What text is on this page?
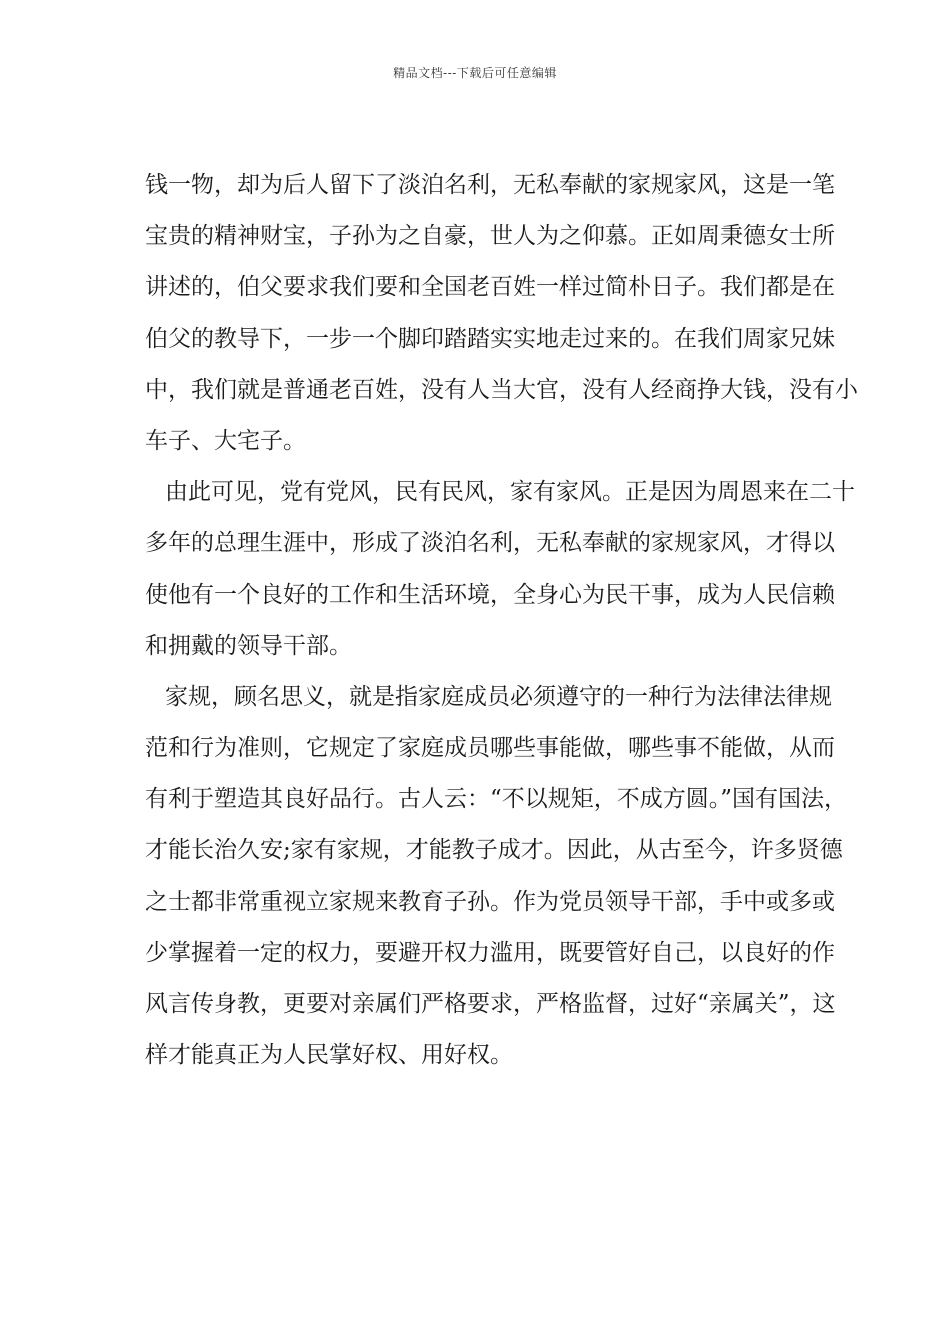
精品文档---下载后可任意编辑
钱一物，却为后人留下了淡泊名利，无私奉献的家规家风，这是一笔
宝贵的精神财宝，子孙为之自豪，世人为之仰慕。正如周秉德女士所
讲述的，伯父要求我们要和全国老百姓一样过简朴日子。我们都是在
伯父的教导下，一步一个脚印踏踏实实地走过来的。在我们周家兄妹
中，我们就是普通老百姓，没有人当大官，没有人经商挣大钱，没有小
车子、大宅子。
由此可见，党有党风，民有民风，家有家风。正是因为周恩来在二十
多年的总理生涯中，形成了淡泊名利，无私奉献的家规家风，才得以
使他有一个良好的工作和生活环境，全身心为民干事，成为人民信赖
和拥戴的领导干部。
家规，顾名思义，就是指家庭成员必须遵守的一种行为法律法律规
范和行为准则，它规定了家庭成员哪些事能做，哪些事不能做，从而
有利于塑造其良好品行。古人云：“不以规矩，不成方圆。”国有国法，
才能长治久安;家有家规，才能教子成才。因此，从古至今，许多贤德
之士都非常重视立家规来教育子孙。作为党员领导干部，手中或多或
少掌握着一定的权力，要避开权力滥用，既要管好自己，以良好的作
风言传身教，更要对亲属们严格要求，严格监督，过好“亲属关”，这
样才能真正为人民掌好权、用好权。
